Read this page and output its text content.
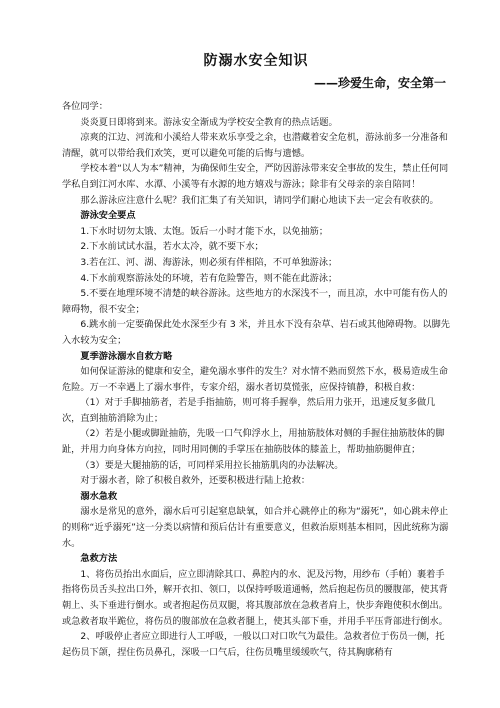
防溺水安全知识
——珍爱生命，安全第一

各位同学：

炎炎夏日即将到来。游泳安全渐成为学校安全教育的热点话题。

凉爽的江边、河流和小溪给人带来欢乐享受之余，也潜藏着安全危机，游泳前多一分准备和清醒，就可以带给我们欢笑，更可以避免可能的后悔与遗憾。

学校本着“以人为本”精神，为确保师生安全，严防因游泳带来安全事故的发生，禁止任何同学私自到江河水库、水潭、小溪等有水源的地方嬉戏与游泳；除非有父母亲的亲自陪同！

那么游泳应注意什么呢？我们汇集了有关知识，请同学们耐心地读下去一定会有收获的。

游泳安全要点

1.下水时切勿太饿、太饱。饭后一小时才能下水，以免抽筋；

2.下水前试试水温，若水太冷，就不要下水；

3.若在江、河、湖、海游泳，则必须有伴相陪，不可单独游泳；

4.下水前观察游泳处的环境，若有危险警告，则不能在此游泳；

5.不要在地理环境不清楚的峡谷游泳。这些地方的水深浅不一，而且凉，水中可能有伤人的障碍物，很不安全；

6.跳水前一定要确保此处水深至少有 3 米，并且水下没有杂草、岩石或其他障碍物。以脚先入水较为安全；

夏季游泳溺水自救方略

如何保证游泳的健康和安全，避免溺水事件的发生？对水情不熟而贸然下水，极易造成生命危险。万一不幸遇上了溺水事件，专家介绍，溺水者切莫慌张，应保持镇静，积极自救：

（1）对于手脚抽筋者，若是手指抽筋，则可将手握拳，然后用力张开，迅速反复多做几次，直到抽筋消除为止；

（2）若是小腿或脚趾抽筋，先吸一口气仰浮水上，用抽筋肢体对侧的手握住抽筋肢体的脚趾，并用力向身体方向拉，同时用同侧的手掌压在抽筋肢体的膝盖上，帮助抽筋腿伸直；

（3）要是大腿抽筋的话，可同样采用拉长抽筋肌肉的办法解决。

对于溺水者，除了积极自救外，还要积极进行陆上抢救：

溺水急救

溺水是常见的意外，溺水后可引起窒息缺氧，如合并心跳停止的称为“溺死”，如心跳未停止的则称“近乎溺死”这一分类以病情和预后估计有重要意义，但救治原则基本相同，因此统称为溺水。

急救方法

1、将伤员抬出水面后，应立即清除其口、鼻腔内的水、泥及污物，用纱布（手帕）裹着手指将伤员舌头拉出口外，解开衣扣、领口，以保持呼吸道通畅，然后抱起伤员的腰腹部，使其背朝上、头下垂进行倒水。或者抱起伤员双腿，将其腹部放在急救者肩上，快步奔跑使积水倒出。或急救者取半跪位，将伤员的腹部放在急救者腿上，使其头部下垂，并用手平压背部进行倒水。

2、呼吸停止者应立即进行人工呼吸，一般以口对口吹气为最佳。急救者位于伤员一侧，托起伤员下颌，捏住伤员鼻孔，深吸一口气后，往伤员嘴里缓缓吹气，待其胸廓稍有
